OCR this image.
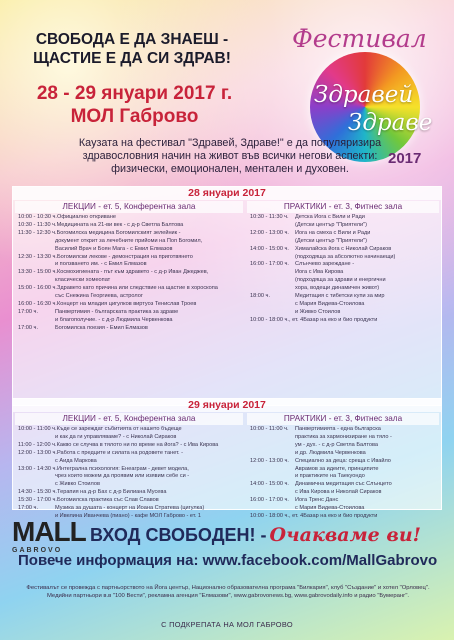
СВОБОДА Е ДА ЗНАЕШ -
ЩАСТИЕ Е ДА СИ ЗДРАВ!
28 - 29 януари 2017 г.
МОЛ Габрово
Фестивал
Здравей
Здраве
2017
Каузата на фестивал "Здравей, Здраве!" е да популяризира
здравословния начин на живот във всички негови аспекти:
физически, емоционален, ментален и духовен.
28 януари 2017
ЛЕКЦИИ - ет. 5, Конферентна зала
10:00 - 10:30 ч. Официално откриване
10:30 - 11:30 ч. Медицината на 21-ви век - с д-р Светла Балтова
11:30 - 12:30 ч. Богомилска медицина Богомилският зелейник -
документ открит за лечебните прийоми на Поп Богомил,
Василий Врач и Боян Мага - с Емил Елмазов
12:30 - 13:30 ч. Богомилски лекове - демонстрация на приготвянето
и ползването им. - с Емил Елмазов
13:30 - 15:00 ч. Космохигиената - път към здравето - с д-р Иван Джеджев,
класически хомеопат
15:00 - 16:00 ч. Здравето като причина или следствие на щастие в хороскопа
със Снежина Георгиева, астролог
16:00 - 16:30 ч. Концерт на младия цигулков виртуоз Тенислав Троев
17:00 ч.	Панвертимия - българската практика за здраве
и благополучие. - с д-р Людмила Червенкова
17:00 ч.	Богомилска поезия - Емил Елмазов
ПРАКТИКИ - ет. 3, Фитнес зала
10:30 - 11:30 ч.	Детска Йога с Вили и Ради
(Детски център "Приятели")
12:00 - 13:00 ч.	Йога на смеха с Вили и Ради
(Детски център "Приятели")
14:00 - 15:00 ч.	Хималайска йога с Николай Сираков
(подходяща за абсолютно начинаещи)
16:00 - 17:00 ч.	Слънчево зареждане -
Йога с Ива Кирова
(подходяща за здрави и енергични
хора, водещи динамичен живот)
18:00 ч.	Медитация с тибетски купи за мир
с Мария Видева-Стоилова
и Живко Стоилов
10:00 - 18:00 ч., ет. 4 Базар на еко и био продукти
29 януари 2017
ЛЕКЦИИ - ет. 5, Конферентна зала
10:00 - 11:00 ч. Къде се зареждат събитията от нашето бъдеще
и как да ги управляваме? - с Николай Сираков
11:00 - 12:00 ч. Какво се случва в тялото ни по време на йога? - с Ива Кирова
12:00 - 13:00 ч. Работа с предците и силата на родовете танет. -
с Аида Маркова
13:00 - 14:30 ч. Интегрална психология: Енеаграм - девет модела,
чрез които можем да проявим или изявим себе си -
с Живко Стоилов
14:30 - 15:30 ч. Терапия на д-р Бах с д-р Билиана Мусева
15:30 - 17:00 ч. Богомилска практика със Слав Славов
17:00 ч.	Музика за душата - концерт на Йоана Стратева (цигулка)
и Ивелина Иванчева (пиано) - кафе МОЛ Габрово - ет. 1
ПРАКТИКИ - ет. 3, Фитнес зала
10:00 - 11:00 ч.	Панвертимията - една българска
практика за хармонизиране на тяло -
ум - дух. - с д-р Светла Балтова
и др. Людмила Червенкова
12:00 - 13:00 ч.	Специално за деца: среща с Ивайло
Аврамов за идеите, принципите
и практиките на Таекуондо
14:00 - 15:00 ч.	Динамична медитация със Слънцето
с Ива Кирова и Николай Сираков
16:00 - 17:00 ч.	Йога Тренс Данс
с Мария Видева-Стоилова
10:00 - 18:00 ч., ет. 4 Базар на еко и био продукти
MALL
GABROVO
ВХОД СВОБОДЕН! - Очакваме ви!
Повече информация на: www.facebook.com/MallGabrovo
Фестивалът се провежда с партньорството на Йога център, Национално образователна програма "Билкария", клуб "Създание" и хотел "Орловец".
Медийни партньори в.в "100 Вести", рекламна агенция "Елмазови", www.gabrovonews.bg, www.gabrovodaily.info и радио "Бумеранг".
С ПОДКРЕПАТА НА МОЛ ГАБРОВО
